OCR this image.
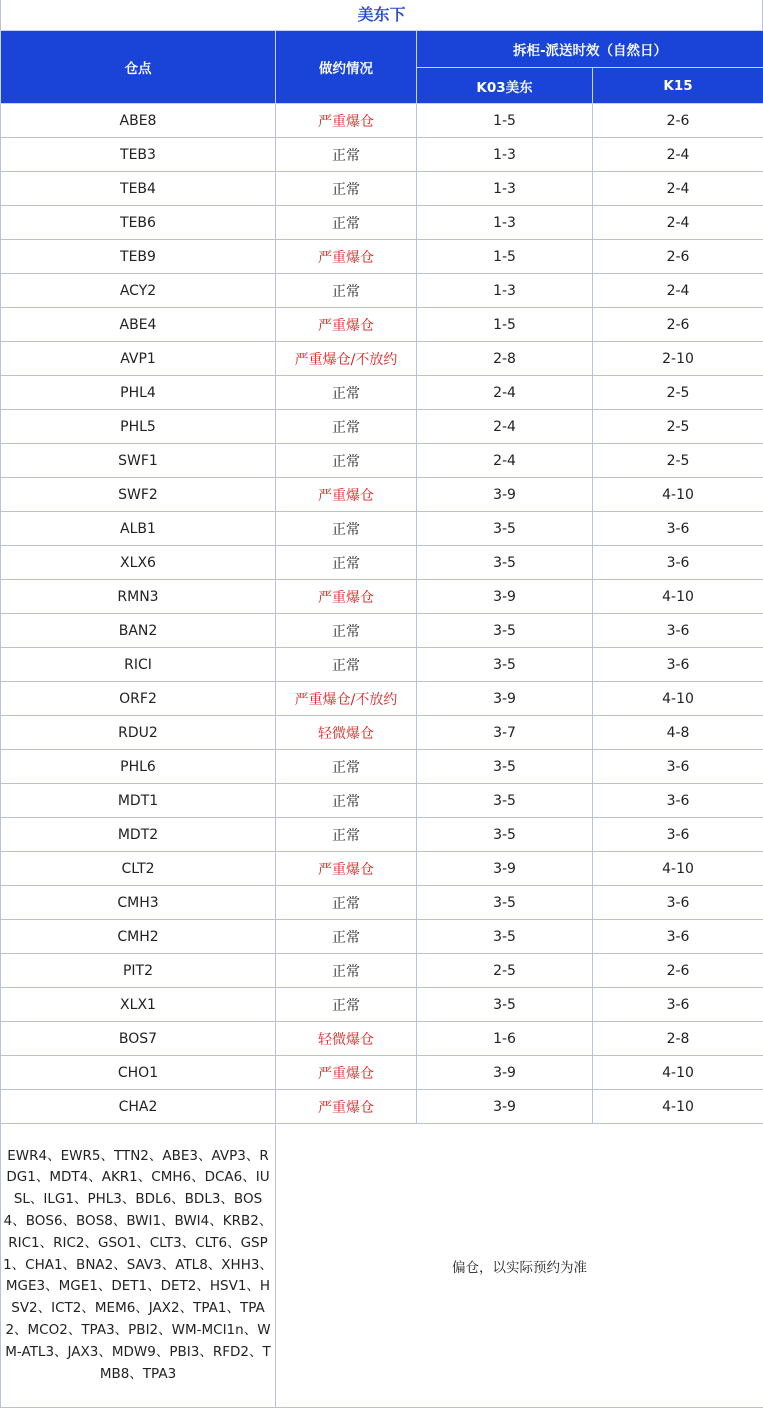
美东下
仓点	做约情况	拆柜-派送时效（自然日）	
		K03美东	K15
ABE8	严重爆仓	1-5	2-6
TEB3	正常	1-3	2-4
TEB4	正常	1-3	2-4
TEB6	正常	1-3	2-4
TEB9	严重爆仓	1-5	2-6
ACY2	正常	1-3	2-4
ABE4	严重爆仓	1-5	2-6
AVP1	严重爆仓/不放约	2-8	2-10
PHL4	正常	2-4	2-5
PHL5	正常	2-4	2-5
SWF1	正常	2-4	2-5
SWF2	严重爆仓	3-9	4-10
ALB1	正常	3-5	3-6
XLX6	正常	3-5	3-6
RMN3	严重爆仓	3-9	4-10
BAN2	正常	3-5	3-6
RICI	正常	3-5	3-6
ORF2	严重爆仓/不放约	3-9	4-10
RDU2	轻微爆仓	3-7	4-8
PHL6	正常	3-5	3-6
MDT1	正常	3-5	3-6
MDT2	正常	3-5	3-6
CLT2	严重爆仓	3-9	4-10
CMH3	正常	3-5	3-6
CMH2	正常	3-5	3-6
PIT2	正常	2-5	2-6
XLX1	正常	3-5	3-6
BOS7	轻微爆仓	1-6	2-8
CHO1	严重爆仓	3-9	4-10
CHA2	严重爆仓	3-9	4-10
EWR4、EWR5、TTN2、ABE3、AVP3、RDG1、MDT4、AKR1、CMH6、DCA6、IUSL、ILG1、PHL3、BDL6、BDL3、BOS4、BOS6、BOS8、BWI1、BWI4、KRB2、RIC1、RIC2、GSO1、CLT3、CLT6、GSP1、CHA1、BNA2、SAV3、ATL8、XHH3、MGE3、MGE1、DET1、DET2、HSV1、HSV2、ICT2、MEM6、JAX2、TPA1、TPA2、MCO2、TPA3、PBI2、WM-MCI1n、WM-ATL3、JAX3、MDW9、PBI3、RFD2、TMB8、TPA3	偏仓，以实际预约为准		
